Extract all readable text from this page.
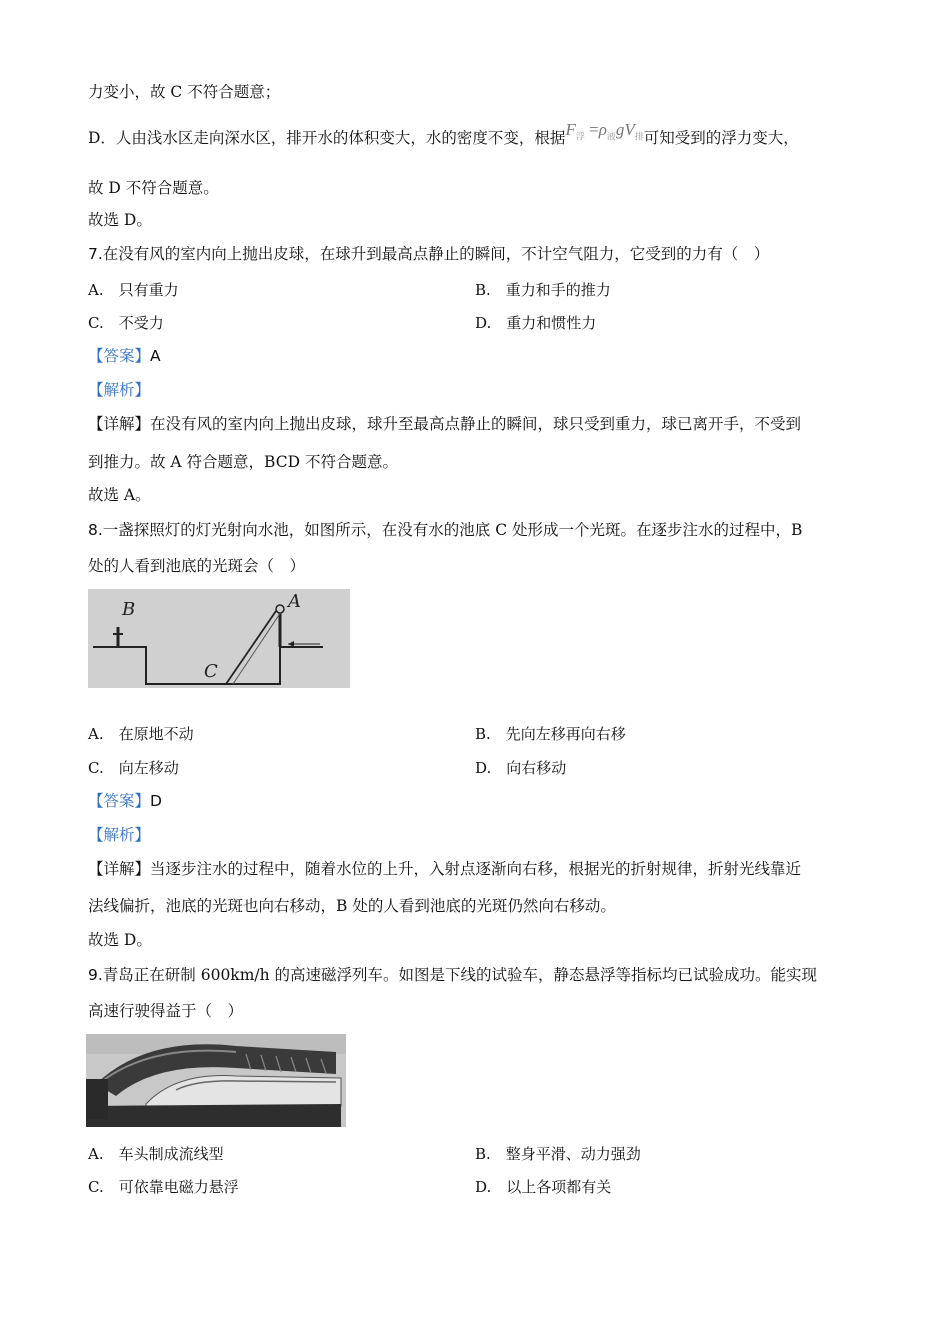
力变小，故 C 不符合题意；
D．人由浅水区走向深水区，排开水的体积变大，水的密度不变，根据$F_浮 =\rho_液gV_排$可知受到的浮力变大，
故 D 不符合题意。
故选 D。
7.在没有风的室内向上抛出皮球，在球升到最高点静止的瞬间，不计空气阻力，它受到的力有（　）
A.　只有重力	B.　重力和手的推力
C.　不受力	D.　重力和惯性力
【答案】A
【解析】
【详解】在没有风的室内向上抛出皮球，球升至最高点静止的瞬间，球只受到重力，球已离开手，不受到
到推力。故 A 符合题意，BCD 不符合题意。
故选 A。
8.一盏探照灯的灯光射向水池，如图所示，在没有水的池底 C 处形成一个光斑。在逐步注水的过程中，B
处的人看到池底的光斑会（　）
B	A
C
A.　在原地不动	B.　先向左移再向右移
C.　向左移动	D.　向右移动
【答案】D
【解析】
【详解】当逐步注水的过程中，随着水位的上升，入射点逐渐向右移，根据光的折射规律，折射光线靠近
法线偏折，池底的光斑也向右移动，B 处的人看到池底的光斑仍然向右移动。
故选 D。
9.青岛正在研制 600km/h 的高速磁浮列车。如图是下线的试验车，静态悬浮等指标均已试验成功。能实现
高速行驶得益于（　）
A.　车头制成流线型	B.　整身平滑、动力强劲
C.　可依靠电磁力悬浮	D.　以上各项都有关
